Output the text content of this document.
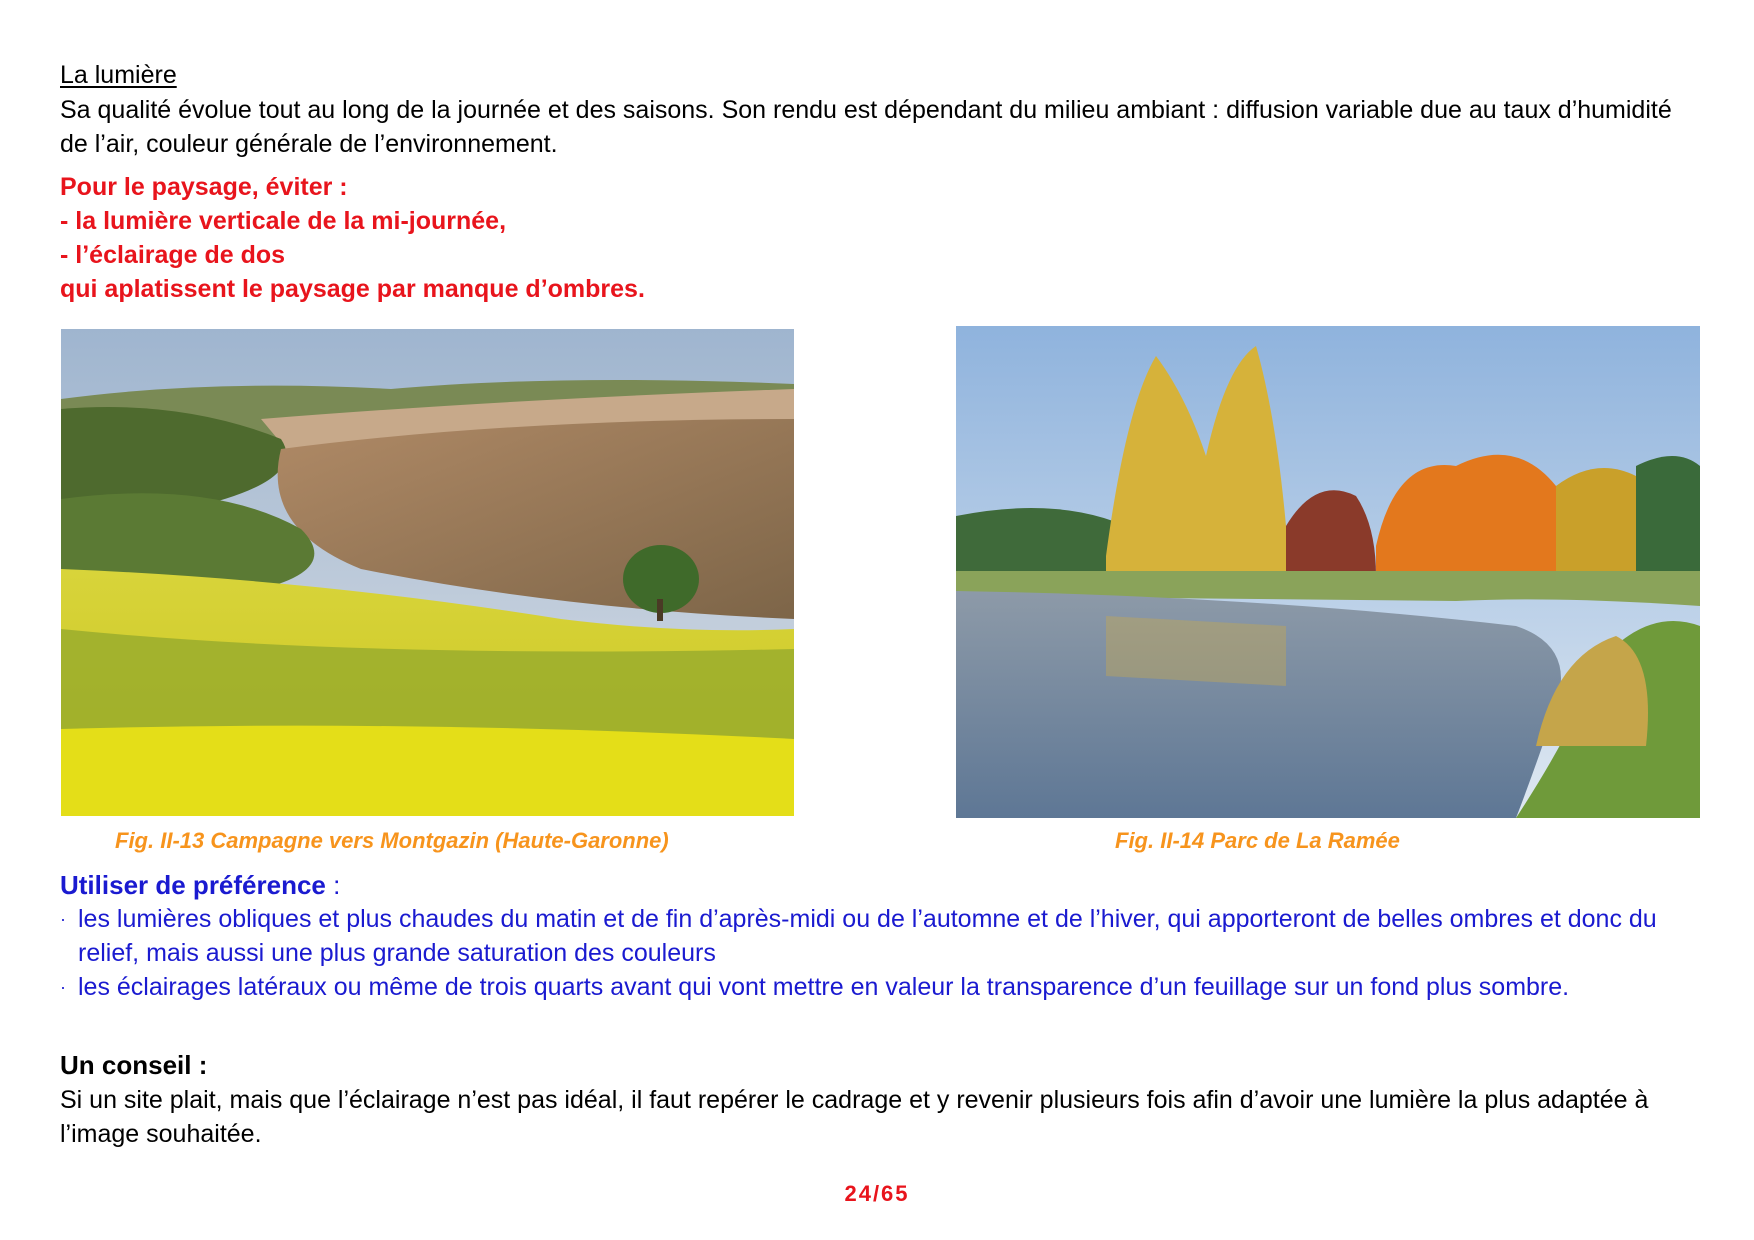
La lumière

Sa qualité évolue tout au long de la journée et des saisons. Son rendu est dépendant du milieu ambiant : diffusion variable due au taux d’humidité de l’air, couleur générale de l’environnement.

Pour le paysage, éviter :

- la lumière verticale de la mi-journée,

- l’éclairage de dos

qui aplatissent le paysage par manque d’ombres.

Fig. II-13 Campagne vers Montgazin (Haute-Garonne)	Fig. II-14 Parc de La Ramée
Utiliser de préférence :
· les lumières obliques et plus chaudes du matin et de fin d’après-midi ou de l’automne et de l’hiver, qui apporteront de belles ombres et donc du relief, mais aussi une plus grande saturation des couleurs
· les éclairages latéraux ou même de trois quarts avant qui vont mettre en valeur la transparence d’un feuillage sur un fond plus sombre.
Un conseil :
Si un site plait, mais que l’éclairage n’est pas idéal, il faut repérer le cadrage et y revenir plusieurs fois afin d’avoir une lumière la plus adaptée à l’image souhaitée.
24/65
